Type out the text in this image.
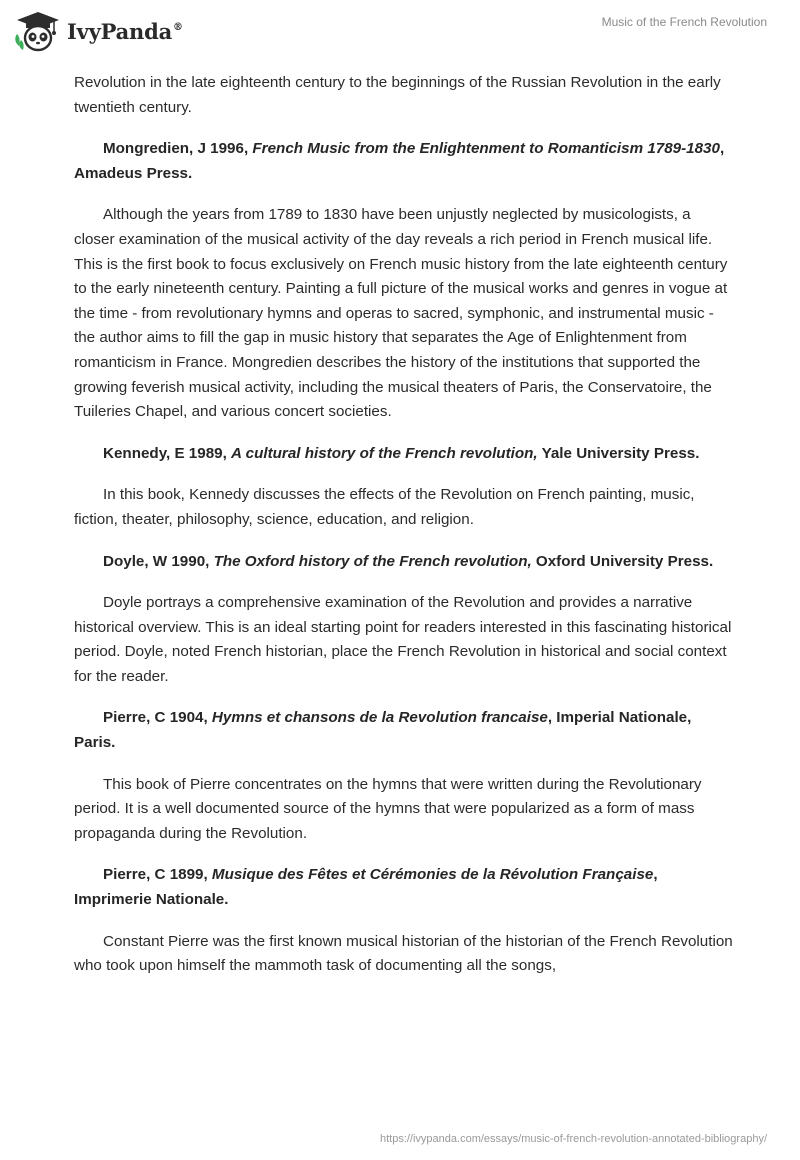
IvyPanda®	Music of the French Revolution

Revolution in the late eighteenth century to the beginnings of the Russian Revolution in the early twentieth century.

Mongredien, J 1996, French Music from the Enlightenment to Romanticism 1789-1830, Amadeus Press.

Although the years from 1789 to 1830 have been unjustly neglected by musicologists, a closer examination of the musical activity of the day reveals a rich period in French musical life. This is the first book to focus exclusively on French music history from the late eighteenth century to the early nineteenth century. Painting a full picture of the musical works and genres in vogue at the time - from revolutionary hymns and operas to sacred, symphonic, and instrumental music - the author aims to fill the gap in music history that separates the Age of Enlightenment from romanticism in France. Mongredien describes the history of the institutions that supported the growing feverish musical activity, including the musical theaters of Paris, the Conservatoire, the Tuileries Chapel, and various concert societies.

Kennedy, E 1989, A cultural history of the French revolution, Yale University Press.

In this book, Kennedy discusses the effects of the Revolution on French painting, music, fiction, theater, philosophy, science, education, and religion.

Doyle, W 1990, The Oxford history of the French revolution, Oxford University Press.

Doyle portrays a comprehensive examination of the Revolution and provides a narrative historical overview. This is an ideal starting point for readers interested in this fascinating historical period. Doyle, noted French historian, place the French Revolution in historical and social context for the reader.

Pierre, C 1904, Hymns et chansons de la Revolution francaise, Imperial Nationale, Paris.

This book of Pierre concentrates on the hymns that were written during the Revolutionary period. It is a well documented source of the hymns that were popularized as a form of mass propaganda during the Revolution.

Pierre, C 1899, Musique des Fêtes et Cérémonies de la Révolution Française, Imprimerie Nationale.

Constant Pierre was the first known musical historian of the historian of the French Revolution who took upon himself the mammoth task of documenting all the songs,

https://ivypanda.com/essays/music-of-french-revolution-annotated-bibliography/
